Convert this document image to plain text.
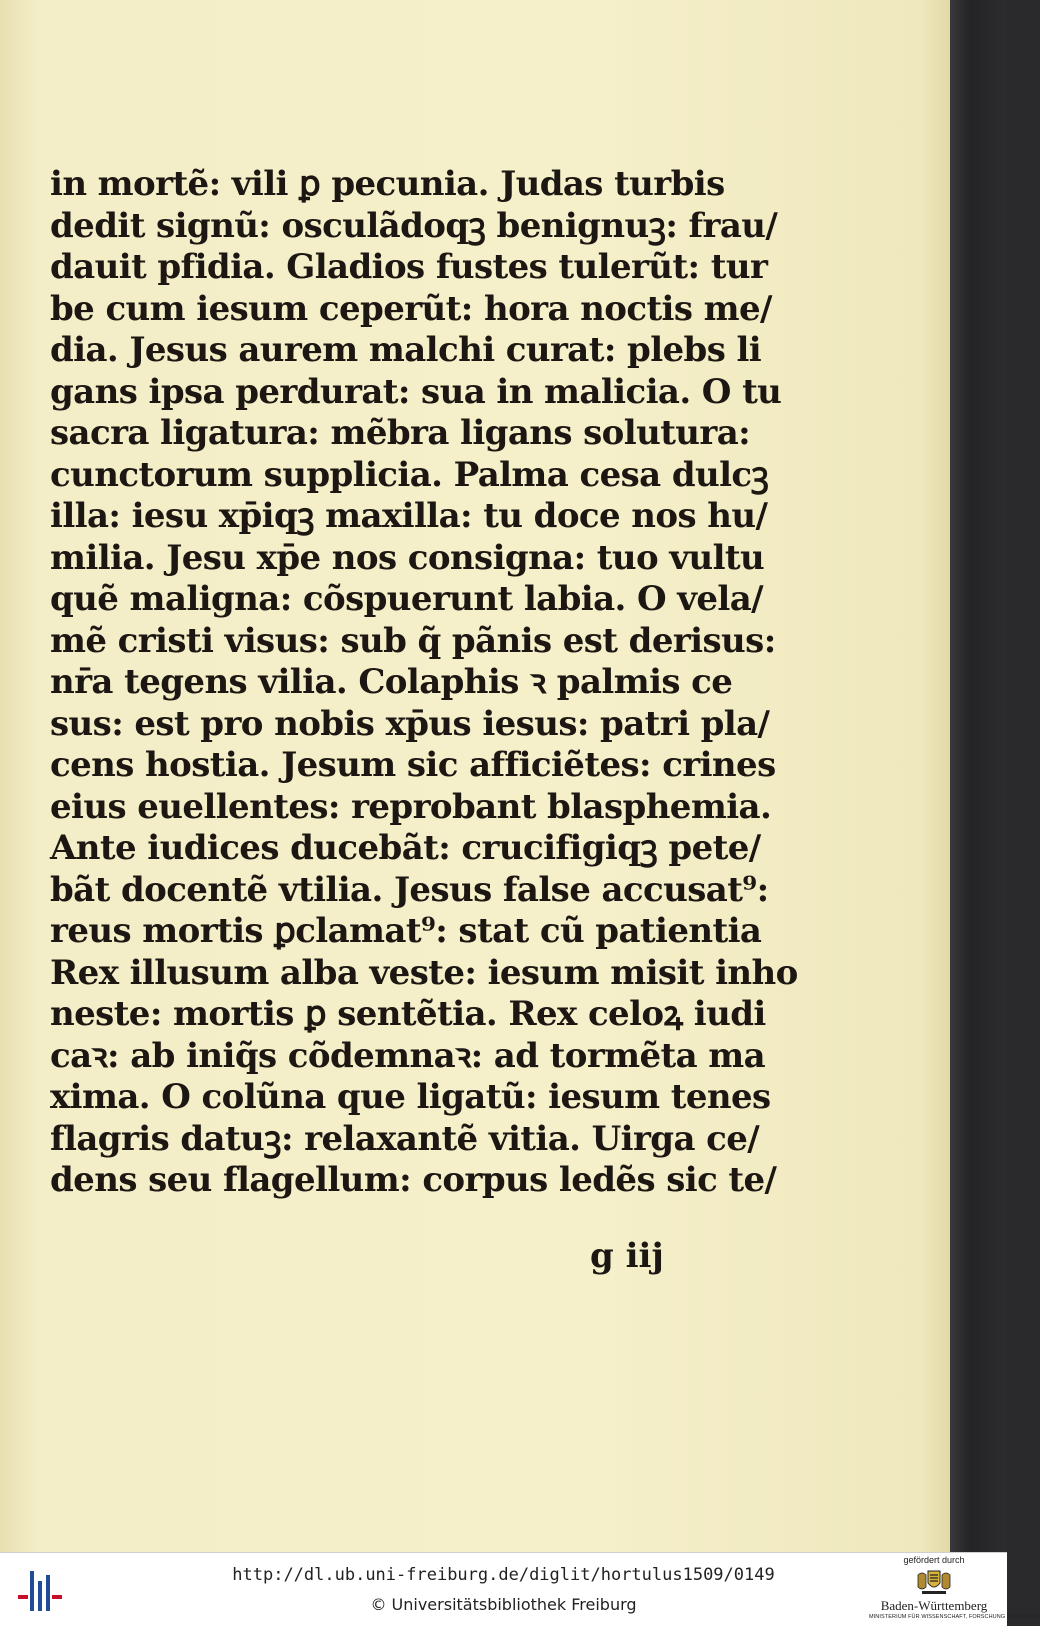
in mortẽ: vili ꝑ pecunia. Judas turbis
dedit signũ: osculãdoqꝫ benignuꝫ: frau/
dauit pfidia. Gladios fustes tulerũt: tur
be cum iesum ceperũt: hora noctis me/
dia. Jesus aurem malchi curat: plebs li
gans ipsa perdurat: sua in malicia. O tu
sacra ligatura: mẽbra ligans solutura:
cunctorum supplicia. Palma cesa dulcꝫ
illa: iesu xp̄iqꝫ maxilla: tu doce nos hu/
milia. Jesu xp̄e nos consigna: tuo vultu
quẽ maligna: cõspuerunt labia. O vela/
mẽ cristi visus: sub q̃ pãnis est derisus:
nr̄a tegens vilia. Colaphis ꝛ palmis ce
sus: est pro nobis xp̄us iesus: patri pla/
cens hostia. Jesum sic afficiẽtes: crines
eius euellentes: reprobant blasphemia.
Ante iudices ducebãt: crucifigiqꝫ pete/
bãt docentẽ vtilia. Jesus false accusat⁹:
reus mortis ꝑclamat⁹: stat cũ patientia
Rex illusum alba veste: iesum misit inho
neste: mortis ꝑ sentẽtia. Rex celoꝝ iudi
caꝛ: ab iniq̃s cõdemnaꝛ: ad tormẽta ma
xima. O colũna que ligatũ: iesum tenes
flagris datuꝫ: relaxantẽ vitia. Uirga ce/
dens seu flagellum: corpus ledẽs sic te/
g iij
http://dl.ub.uni-freiburg.de/diglit/hortulus1509/0149
© Universitätsbibliothek Freiburg
gefördert durch
Baden-Württemberg
MINISTERIUM FÜR WISSENSCHAFT, FORSCHUNG UND KUNST
